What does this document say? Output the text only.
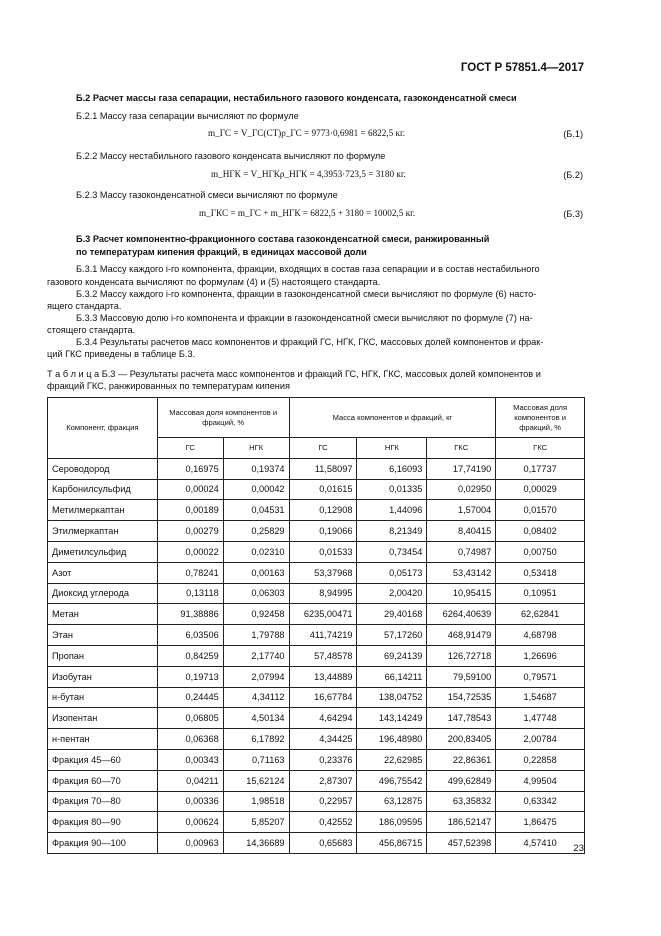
ГОСТ Р 57851.4—2017
Б.2 Расчет массы газа сепарации, нестабильного газового конденсата, газоконденсатной смеси
Б.2.1 Массу газа сепарации вычисляют по формуле
m_ГС = V_ГС(СТ)ρ_ГС = 9773·0,6981 = 6822,5 кг.	(Б.1)
Б.2.2 Массу нестабильного газового конденсата вычисляют по формуле
m_НГК = V_НГКρ_НГК = 4,3953·723,5 = 3180 кг.	(Б.2)
Б.2.3 Массу газоконденсатной смеси вычисляют по формуле
m_ГКС = m_ГС + m_НГК = 6822,5 + 3180 = 10002,5 кг.	(Б.3)
Б.3 Расчет компонентно-фракционного состава газоконденсатной смеси, ранжированный
по температурам кипения фракций, в единицах массовой доли
Б.3.1 Массу каждого i-го компонента, фракции, входящих в состав газа сепарации и в состав нестабильного
газового конденсата вычисляют по формулам (4) и (5) настоящего стандарта.
Б.3.2 Массу каждого i-го компонента, фракции в газоконденсатной смеси вычисляют по формуле (6) насто-
ящего стандарта.
Б.3.3 Массовую долю i-го компонента и фракции в газоконденсатной смеси вычисляют по формуле (7) на-
стоящего стандарта.
Б.3.4 Результаты расчетов масс компонентов и фракций ГС, НГК, ГКС, массовых долей компонентов и фрак-
ций ГКС приведены в таблице Б.3.
Т а б л и ц а Б.3 — Результаты расчета масс компонентов и фракций ГС, НГК, ГКС, массовых долей компонентов и
фракций ГКС, ранжированных по температурам кипения
Компонент, фракция	Массовая доля компонентов и фракций, %		Масса компонентов и фракций, кг			Массовая доля компонентов и фракций, %
	ГС	НГК	ГС	НГК	ГКС	ГКС
Сероводород	0,16975	0,19374	11,58097	6,16093	17,74190	0,17737
Карбонилсульфид	0,00024	0,00042	0,01615	0,01335	0,02950	0,00029
Метилмеркаптан	0,00189	0,04531	0,12908	1,44096	1,57004	0,01570
Этилмеркаптан	0,00279	0,25829	0,19066	8,21349	8,40415	0,08402
Диметилсульфид	0,00022	0,02310	0,01533	0,73454	0,74987	0,00750
Азот	0,78241	0,00163	53,37968	0,05173	53,43142	0,53418
Диоксид углерода	0,13118	0,06303	8,94995	2,00420	10,95415	0,10951
Метан	91,38886	0,92458	6235,00471	29,40168	6264,40639	62,62841
Этан	6,03506	1,79788	411,74219	57,17260	468,91479	4,68798
Пропан	0,84259	2,17740	57,48578	69,24139	126,72718	1,26696
Изобутан	0,19713	2,07994	13,44889	66,14211	79,59100	0,79571
н-бутан	0,24445	4,34112	16,67784	138,04752	154,72535	1,54687
Изопентан	0,06805	4,50134	4,64294	143,14249	147,78543	1,47748
н-пентан	0,06368	6,17892	4,34425	196,48980	200,83405	2,00784
Фракция 45—60	0,00343	0,71163	0,23376	22,62985	22,86361	0,22858
Фракция 60—70	0,04211	15,62124	2,87307	496,75542	499,62849	4,99504
Фракция 70—80	0,00336	1,98518	0,22957	63,12875	63,35832	0,63342
Фракция 80—90	0,00624	5,85207	0,42552	186,09595	186,52147	1,86475
Фракция 90—100	0,00963	14,36689	0,65683	456,86715	457,52398	4,57410 23
